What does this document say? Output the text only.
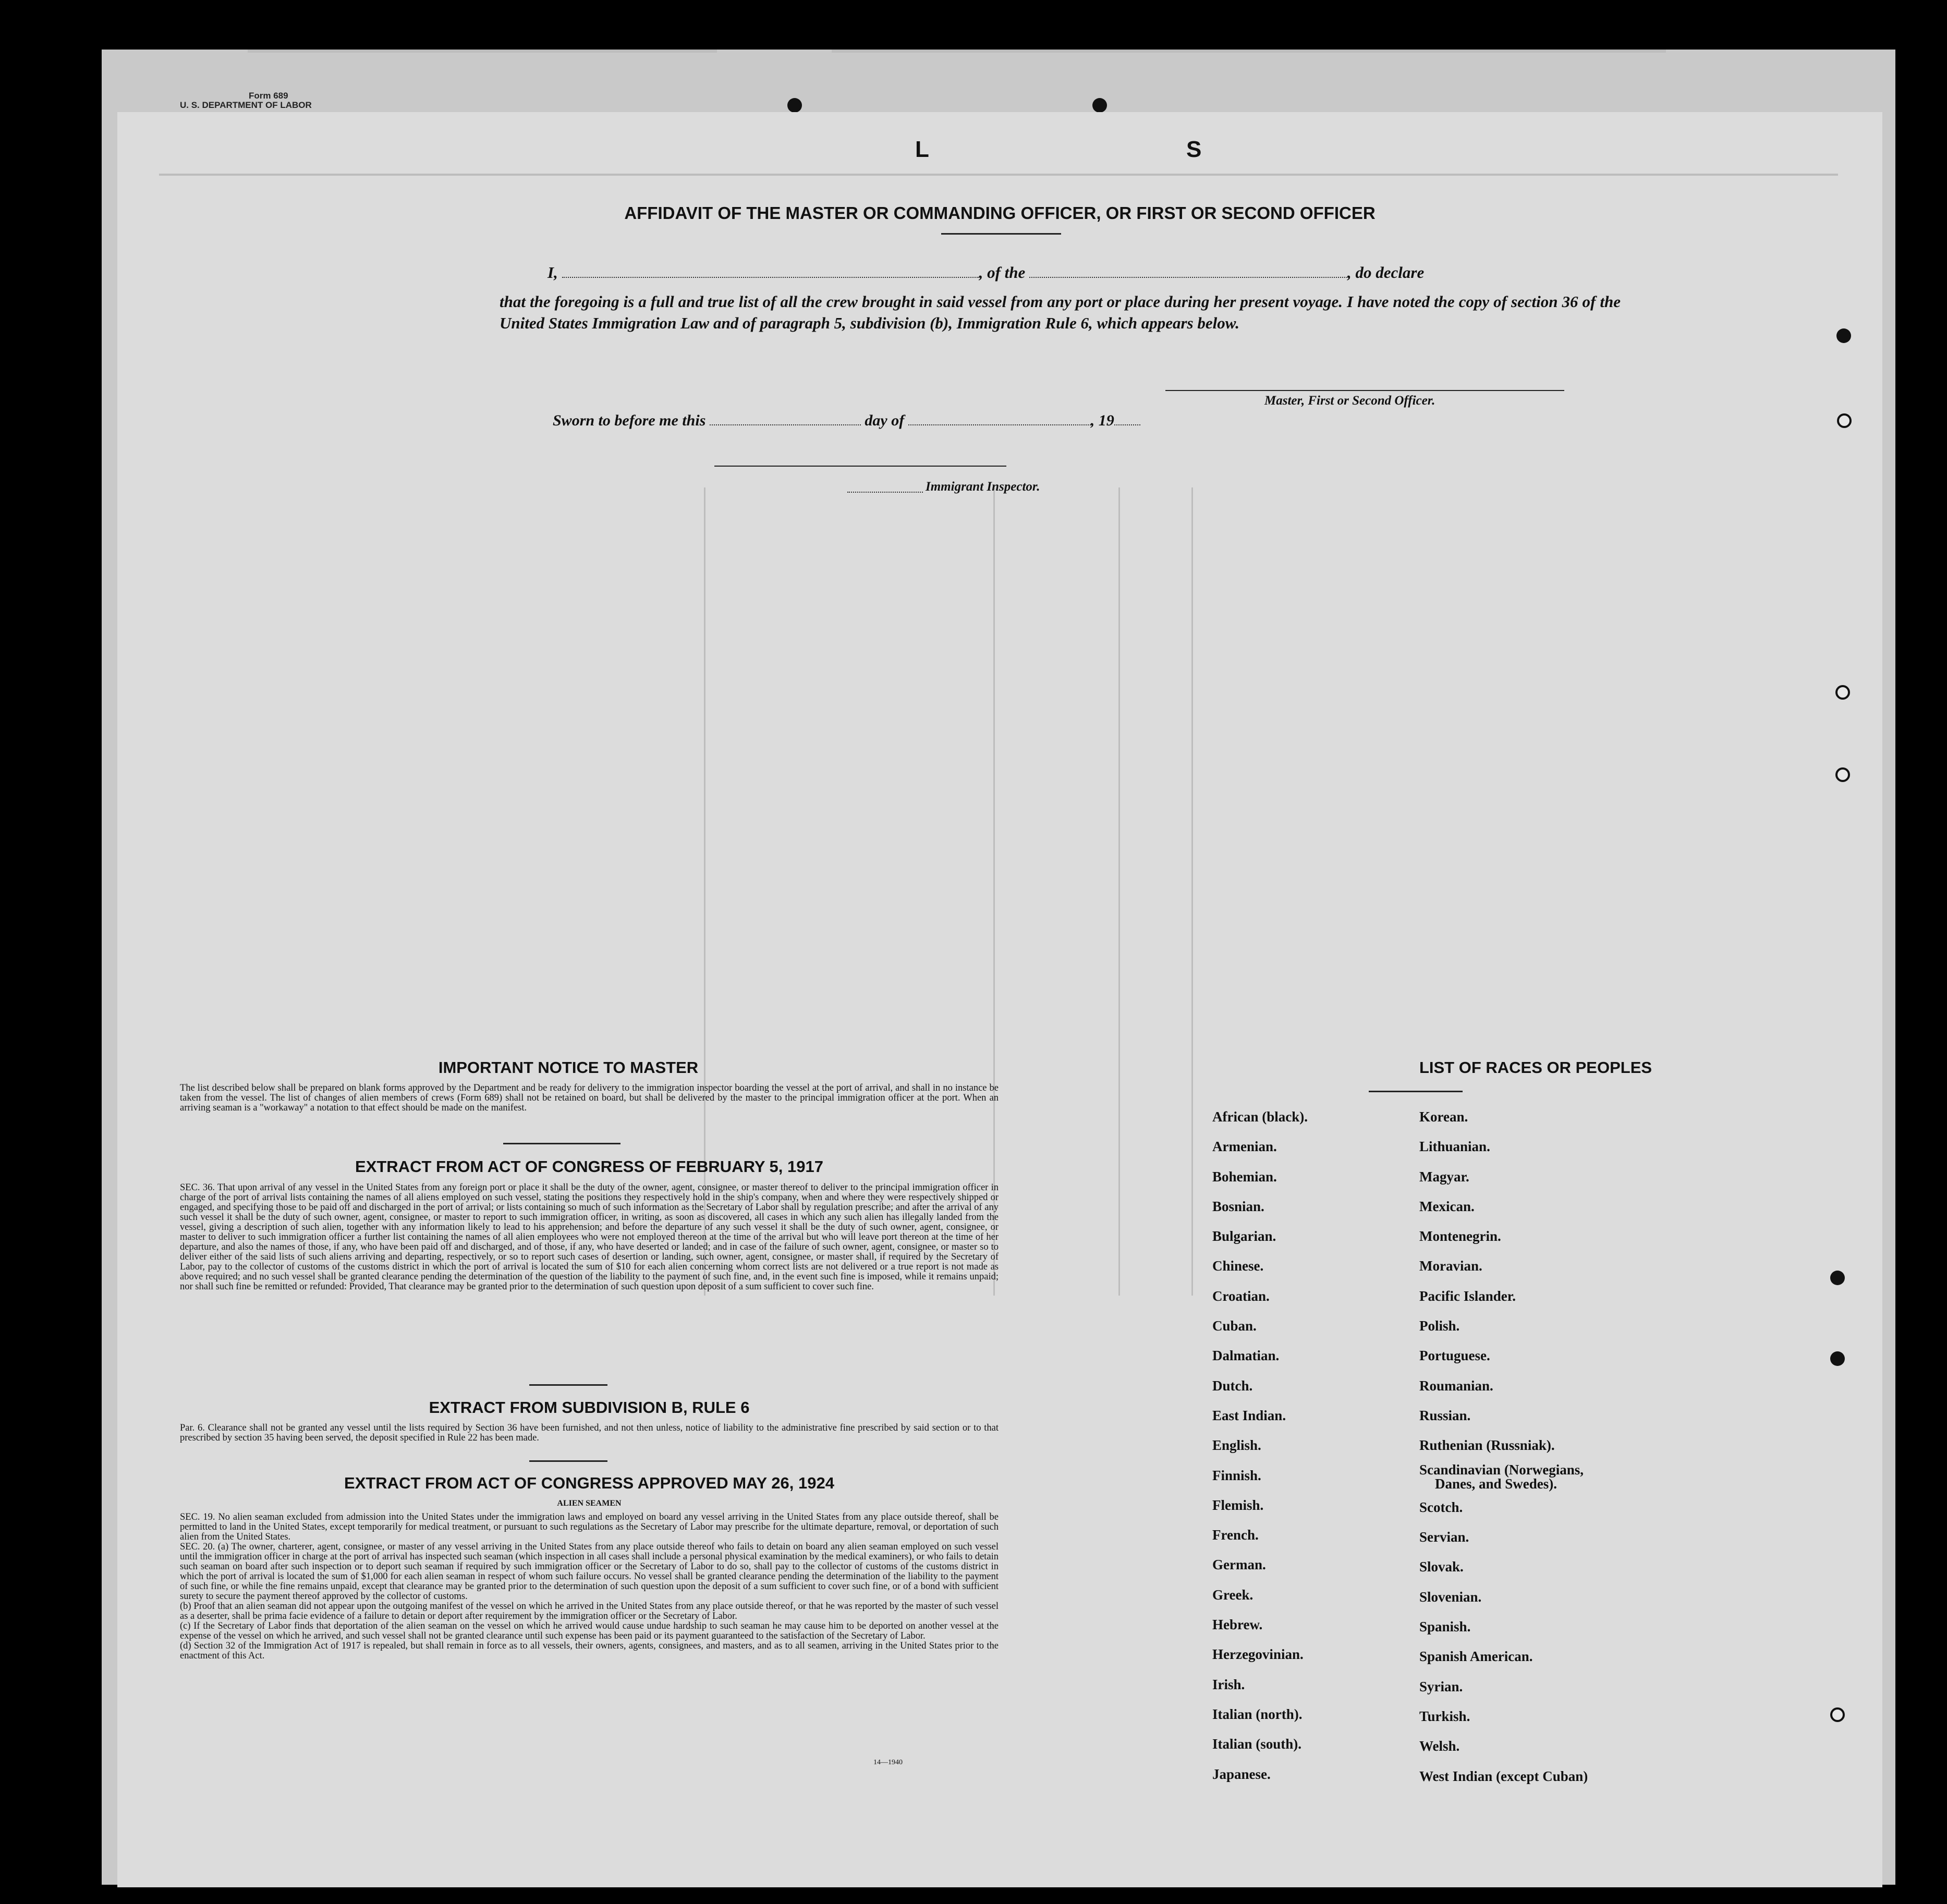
Form 689
U. S. DEPARTMENT OF LABOR
L	S
AFFIDAVIT OF THE MASTER OR COMMANDING OFFICER, OR FIRST OR SECOND OFFICER
I,	, of the	, do declare
that the foregoing is a full and true list of all the crew brought in said vessel from any port or place during her present voyage. I have noted the copy of section 36 of the United States Immigration Law and of paragraph 5, subdivision (b), Immigration Rule 6, which appears below.
Master, First or Second Officer.
Sworn to before me this	day of	, 19
Immigrant Inspector.
IMPORTANT NOTICE TO MASTER
The list described below shall be prepared on blank forms approved by the Department and be ready for delivery to the immigration inspector boarding the vessel at the port of arrival, and shall in no instance be taken from the vessel. The list of changes of alien members of crews (Form 689) shall not be retained on board, but shall be delivered by the master to the principal immigration officer at the port. When an arriving seaman is a "workaway" a notation to that effect should be made on the manifest.
EXTRACT FROM ACT OF CONGRESS OF FEBRUARY 5, 1917
SEC. 36. That upon arrival of any vessel in the United States from any foreign port or place it shall be the duty of the owner, agent, consignee, or master thereof to deliver to the principal immigration officer in charge of the port of arrival lists containing the names of all aliens employed on such vessel, stating the positions they respectively hold in the ship's company, when and where they were respectively shipped or engaged, and specifying those to be paid off and discharged in the port of arrival; or lists containing so much of such information as the Secretary of Labor shall by regulation prescribe; and after the arrival of any such vessel it shall be the duty of such owner, agent, consignee, or master to report to such immigration officer, in writing, as soon as discovered, all cases in which any such alien has illegally landed from the vessel, giving a description of such alien, together with any information likely to lead to his apprehension; and before the departure of any such vessel it shall be the duty of such owner, agent, consignee, or master to deliver to such immigration officer a further list containing the names of all alien employees who were not employed thereon at the time of the arrival but who will leave port thereon at the time of her departure, and also the names of those, if any, who have been paid off and discharged, and of those, if any, who have deserted or landed; and in case of the failure of such owner, agent, consignee, or master so to deliver either of the said lists of such aliens arriving and departing, respectively, or so to report such cases of desertion or landing, such owner, agent, consignee, or master shall, if required by the Secretary of Labor, pay to the collector of customs of the customs district in which the port of arrival is located the sum of $10 for each alien concerning whom correct lists are not delivered or a true report is not made as above required; and no such vessel shall be granted clearance pending the determination of the question of the liability to the payment of such fine, and, in the event such fine is imposed, while it remains unpaid; nor shall such fine be remitted or refunded: Provided, That clearance may be granted prior to the determination of such question upon deposit of a sum sufficient to cover such fine.
EXTRACT FROM SUBDIVISION B, RULE 6
Par. 6. Clearance shall not be granted any vessel until the lists required by Section 36 have been furnished, and not then unless, notice of liability to the administrative fine prescribed by said section or to that prescribed by section 35 having been served, the deposit specified in Rule 22 has been made.
EXTRACT FROM ACT OF CONGRESS APPROVED MAY 26, 1924
ALIEN SEAMEN
SEC. 19. No alien seaman excluded from admission into the United States under the immigration laws and employed on board any vessel arriving in the United States from any place outside thereof, shall be permitted to land in the United States, except temporarily for medical treatment, or pursuant to such regulations as the Secretary of Labor may prescribe for the ultimate departure, removal, or deportation of such alien from the United States.
SEC. 20. (a) The owner, charterer, agent, consignee, or master of any vessel arriving in the United States from any place outside thereof who fails to detain on board any alien seaman employed on such vessel until the immigration officer in charge at the port of arrival has inspected such seaman (which inspection in all cases shall include a personal physical examination by the medical examiners), or who fails to detain such seaman on board after such inspection or to deport such seaman if required by such immigration officer or the Secretary of Labor to do so, shall pay to the collector of customs of the customs district in which the port of arrival is located the sum of $1,000 for each alien seaman in respect of whom such failure occurs. No vessel shall be granted clearance pending the determination of the liability to the payment of such fine, or while the fine remains unpaid, except that clearance may be granted prior to the determination of such question upon the deposit of a sum sufficient to cover such fine, or of a bond with sufficient surety to secure the payment thereof approved by the collector of customs.
(b) Proof that an alien seaman did not appear upon the outgoing manifest of the vessel on which he arrived in the United States from any place outside thereof, or that he was reported by the master of such vessel as a deserter, shall be prima facie evidence of a failure to detain or deport after requirement by the immigration officer or the Secretary of Labor.
(c) If the Secretary of Labor finds that deportation of the alien seaman on the vessel on which he arrived would cause undue hardship to such seaman he may cause him to be deported on another vessel at the expense of the vessel on which he arrived, and such vessel shall not be granted clearance until such expense has been paid or its payment guaranteed to the satisfaction of the Secretary of Labor.
(d) Section 32 of the Immigration Act of 1917 is repealed, but shall remain in force as to all vessels, their owners, agents, consignees, and masters, and as to all seamen, arriving in the United States prior to the enactment of this Act.
14—1940
LIST OF RACES OR PEOPLES
African (black).
Armenian.
Bohemian.
Bosnian.
Bulgarian.
Chinese.
Croatian.
Cuban.
Dalmatian.
Dutch.
East Indian.
English.
Finnish.
Flemish.
French.
German.
Greek.
Hebrew.
Herzegovinian.
Irish.
Italian (north).
Italian (south).
Japanese.
Korean.
Lithuanian.
Magyar.
Mexican.
Montenegrin.
Moravian.
Pacific Islander.
Polish.
Portuguese.
Roumanian.
Russian.
Ruthenian (Russniak).
Scandinavian (Norwegians,
Danes, and Swedes).
Scotch.
Servian.
Slovak.
Slovenian.
Spanish.
Spanish American.
Syrian.
Turkish.
Welsh.
West Indian (except Cuban)
